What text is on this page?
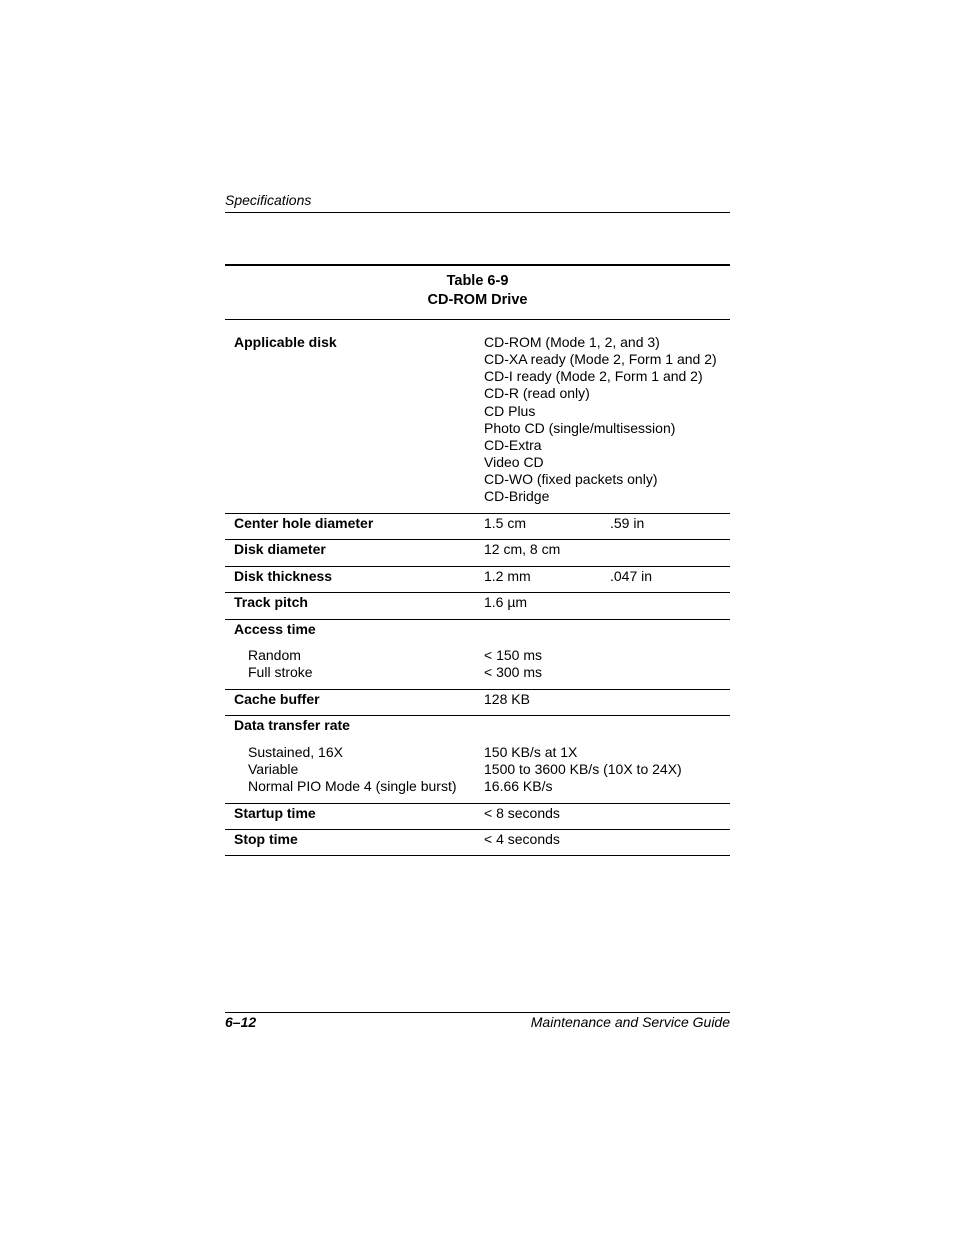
Specifications
Table 6-9
CD-ROM Drive
Applicable disk	CD-ROM (Mode 1, 2, and 3)
CD-XA ready (Mode 2, Form 1 and 2)
CD-I ready (Mode 2, Form 1 and 2)
CD-R (read only)
CD Plus
Photo CD (single/multisession)
CD-Extra
Video CD
CD-WO (fixed packets only)
CD-Bridge
Center hole diameter	1.5 cm	.59 in
Disk diameter	12 cm, 8 cm
Disk thickness	1.2 mm	.047 in
Track pitch	1.6 µm
Access time
Random	< 150 ms
Full stroke	< 300 ms
Cache buffer	128 KB
Data transfer rate
Sustained, 16X	150 KB/s at 1X
Variable	1500 to 3600 KB/s (10X to 24X)
Normal PIO Mode 4 (single burst) 16.66 KB/s
Startup time	< 8 seconds
Stop time	< 4 seconds
6–12	Maintenance and Service Guide
